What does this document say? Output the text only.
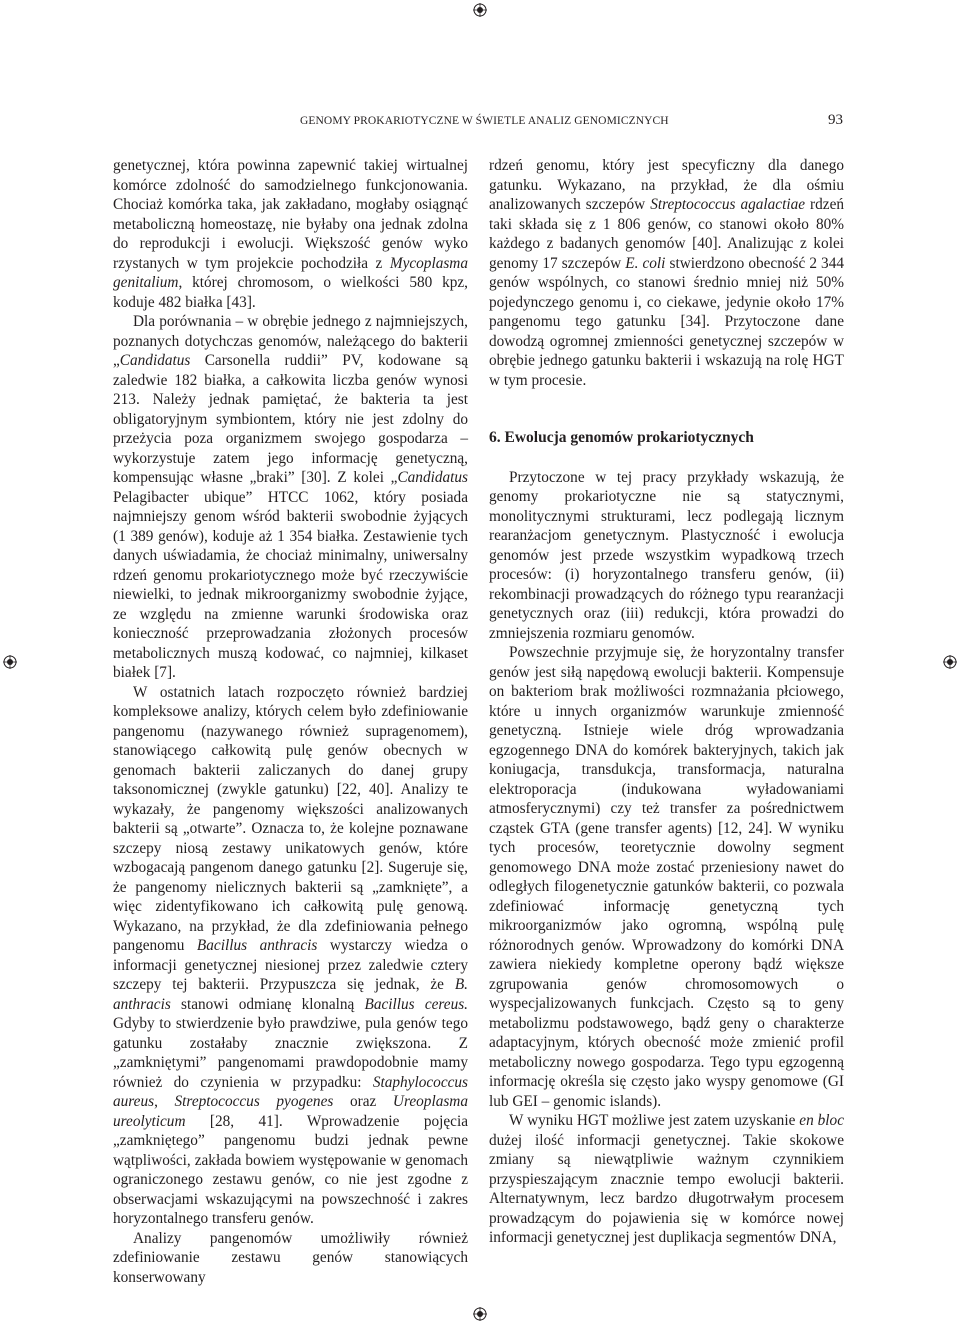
GENOMY PROKARIOTYCZNE W ŚWIETLE ANALIZ GENOMICZNYCH	93

genetycznej, która powinna zapewnić takiej wirtualnej komórce zdolność do samodzielnego funkcjonowania. Chociaż komórka taka, jak zakładano, mogłaby osiągnąć metaboliczną homeostazę, nie byłaby ona jednak zdolna do reprodukcji i ewolucji. Większość genów wyko rzystanych w tym projekcie pochodziła z Mycoplasma genitalium, której chromosom, o wielkości 580 kpz, koduje 482 białka [43].

Dla porównania – w obrębie jednego z najmniejszych, poznanych dotychczas genomów, należącego do bakterii „Candidatus Carsonella ruddii” PV, kodowane są zaledwie 182 białka, a całkowita liczba genów wynosi 213. Należy jednak pamiętać, że bakteria ta jest obligatoryjnym symbiontem, który nie jest zdolny do przeżycia poza organizmem swojego gospodarza – wykorzystuje zatem jego informację genetyczną, kompensując własne „braki” [30]. Z kolei „Candidatus Pelagibacter ubique” HTCC 1062, który posiada najmniejszy genom wśród bakterii swobodnie żyjących (1 389 genów), koduje aż 1 354 białka. Zestawienie tych danych uświadamia, że chociaż minimalny, uniwersalny rdzeń genomu prokariotycznego może być rzeczywiście niewielki, to jednak mikroorganizmy swobodnie żyjące, ze względu na zmienne warunki środowiska oraz konieczność przeprowadzania złożonych procesów metabolicznych muszą kodować, co najmniej, kilkaset białek [7].

W ostatnich latach rozpoczęto również bardziej kompleksowe analizy, których celem było zdefiniowanie pangenomu (nazywanego również supragenomem), stanowiącego całkowitą pulę genów obecnych w genomach bakterii zaliczanych do danej grupy taksonomicznej (zwykle gatunku) [22, 40]. Analizy te wykazały, że pangenomy większości analizowanych bakterii są „otwarte”. Oznacza to, że kolejne poznawane szczepy niosą zestawy unikatowych genów, które wzbogacają pangenom danego gatunku [2]. Sugeruje się, że pangenomy nielicznych bakterii są „zamknięte”, a więc zidentyfikowano ich całkowitą pulę genową. Wykazano, na przykład, że dla zdefiniowania pełnego pangenomu Bacillus anthracis wystarczy wiedza o informacji genetycznej niesionej przez zaledwie cztery szczepy tej bakterii. Przypuszcza się jednak, że B. anthracis stanowi odmianę klonalną Bacillus cereus. Gdyby to stwierdzenie było prawdziwe, pula genów tego gatunku zostałaby znacznie zwiększona. Z „zamkniętymi” pangenomami prawdopodobnie mamy również do czynienia w przypadku: Staphylococcus aureus, Streptococcus pyogenes oraz Ureoplasma ureolyticum [28, 41]. Wprowadzenie pojęcia „zamkniętego” pangenomu budzi jednak pewne wątpliwości, zakłada bowiem występowanie w genomach ograniczonego zestawu genów, co nie jest zgodne z obserwacjami wskazującymi na powszechność i zakres horyzontalnego transferu genów.

Analizy pangenomów umożliwiły również zdefiniowanie zestawu genów stanowiących konserwowany

rdzeń genomu, który jest specyficzny dla danego gatunku. Wykazano, na przykład, że dla ośmiu analizowanych szczepów Streptococcus agalactiae rdzeń taki składa się z 1 806 genów, co stanowi około 80% każdego z badanych genomów [40]. Analizując z kolei genomy 17 szczepów E. coli stwierdzono obecność 2 344 genów wspólnych, co stanowi średnio mniej niż 50% pojedynczego genomu i, co ciekawe, jedynie około 17% pangenomu tego gatunku [34]. Przytoczone dane dowodzą ogromnej zmienności genetycznej szczepów w obrębie jednego gatunku bakterii i wskazują na rolę HGT w tym procesie.

6. Ewolucja genomów prokariotycznych

Przytoczone w tej pracy przykłady wskazują, że genomy prokariotyczne nie są statycznymi, monolitycznymi strukturami, lecz podlegają licznym rearanżacjom genetycznym. Plastyczność i ewolucja genomów jest przede wszystkim wypadkową trzech procesów: (i) horyzontalnego transferu genów, (ii) rekombinacji prowadzących do różnego typu rearanżacji genetycznych oraz (iii) redukcji, która prowadzi do zmniejszenia rozmiaru genomów.

Powszechnie przyjmuje się, że horyzontalny transfer genów jest siłą napędową ewolucji bakterii. Kompensuje on bakteriom brak możliwości rozmnażania płciowego, które u innych organizmów warunkuje zmienność genetyczną. Istnieje wiele dróg wprowadzania egzogennego DNA do komórek bakteryjnych, takich jak koniugacja, transdukcja, transformacja, naturalna elektroporacja (indukowana wyładowaniami atmosferycznymi) czy też transfer za pośrednictwem cząstek GTA (gene transfer agents) [12, 24]. W wyniku tych procesów, teoretycznie dowolny segment genomowego DNA może zostać przeniesiony nawet do odległych filogenetycznie gatunków bakterii, co pozwala zdefiniować informację genetyczną tych mikroorganizmów jako ogromną, wspólną pulę różnorodnych genów. Wprowadzony do komórki DNA zawiera niekiedy kompletne operony bądź większe zgrupowania genów chromosomowych o wyspecjalizowanych funkcjach. Często są to geny metabolizmu podstawowego, bądź geny o charakterze adaptacyjnym, których obecność może zmienić profil metaboliczny nowego gospodarza. Tego typu egzogenną informację określa się często jako wyspy genomowe (GI lub GEI – genomic islands).

W wyniku HGT możliwe jest zatem uzyskanie en bloc dużej ilość informacji genetycznej. Takie skokowe zmiany są niewątpliwie ważnym czynnikiem przyspieszającym znacznie tempo ewolucji bakterii. Alternatywnym, lecz bardzo długotrwałym procesem prowadzącym do pojawienia się w komórce nowej informacji genetycznej jest duplikacja segmentów DNA,
